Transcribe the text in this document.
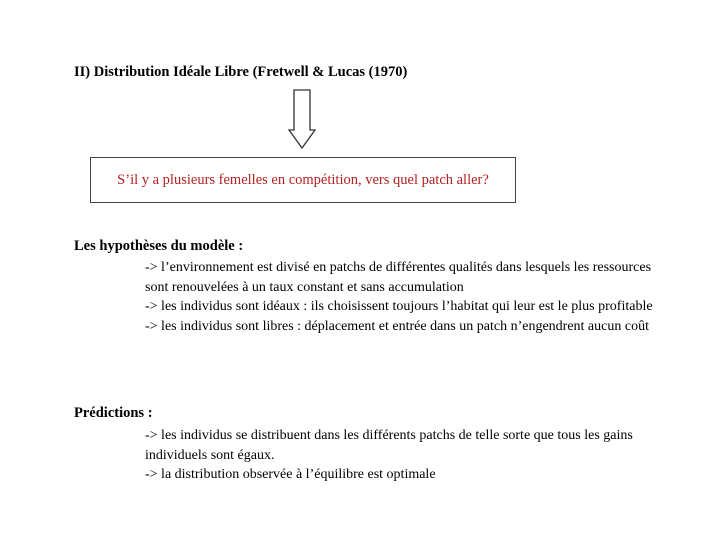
II) Distribution Idéale Libre (Fretwell & Lucas (1970)
S’il y a plusieurs femelles en compétition, vers quel patch aller?
Les hypothèses du modèle :

-> l’environnement est divisé en patchs de différentes qualités dans lesquels les ressources sont renouvelées à un taux constant et sans accumulation

-> les individus sont idéaux : ils choisissent toujours l’habitat qui leur est le plus profitable

-> les individus sont libres : déplacement et entrée dans un patch n’engendrent aucun coût

Prédictions :

-> les individus se distribuent dans les différents patchs de telle sorte que tous les gains individuels sont égaux.

-> la distribution observée à l’équilibre est optimale
